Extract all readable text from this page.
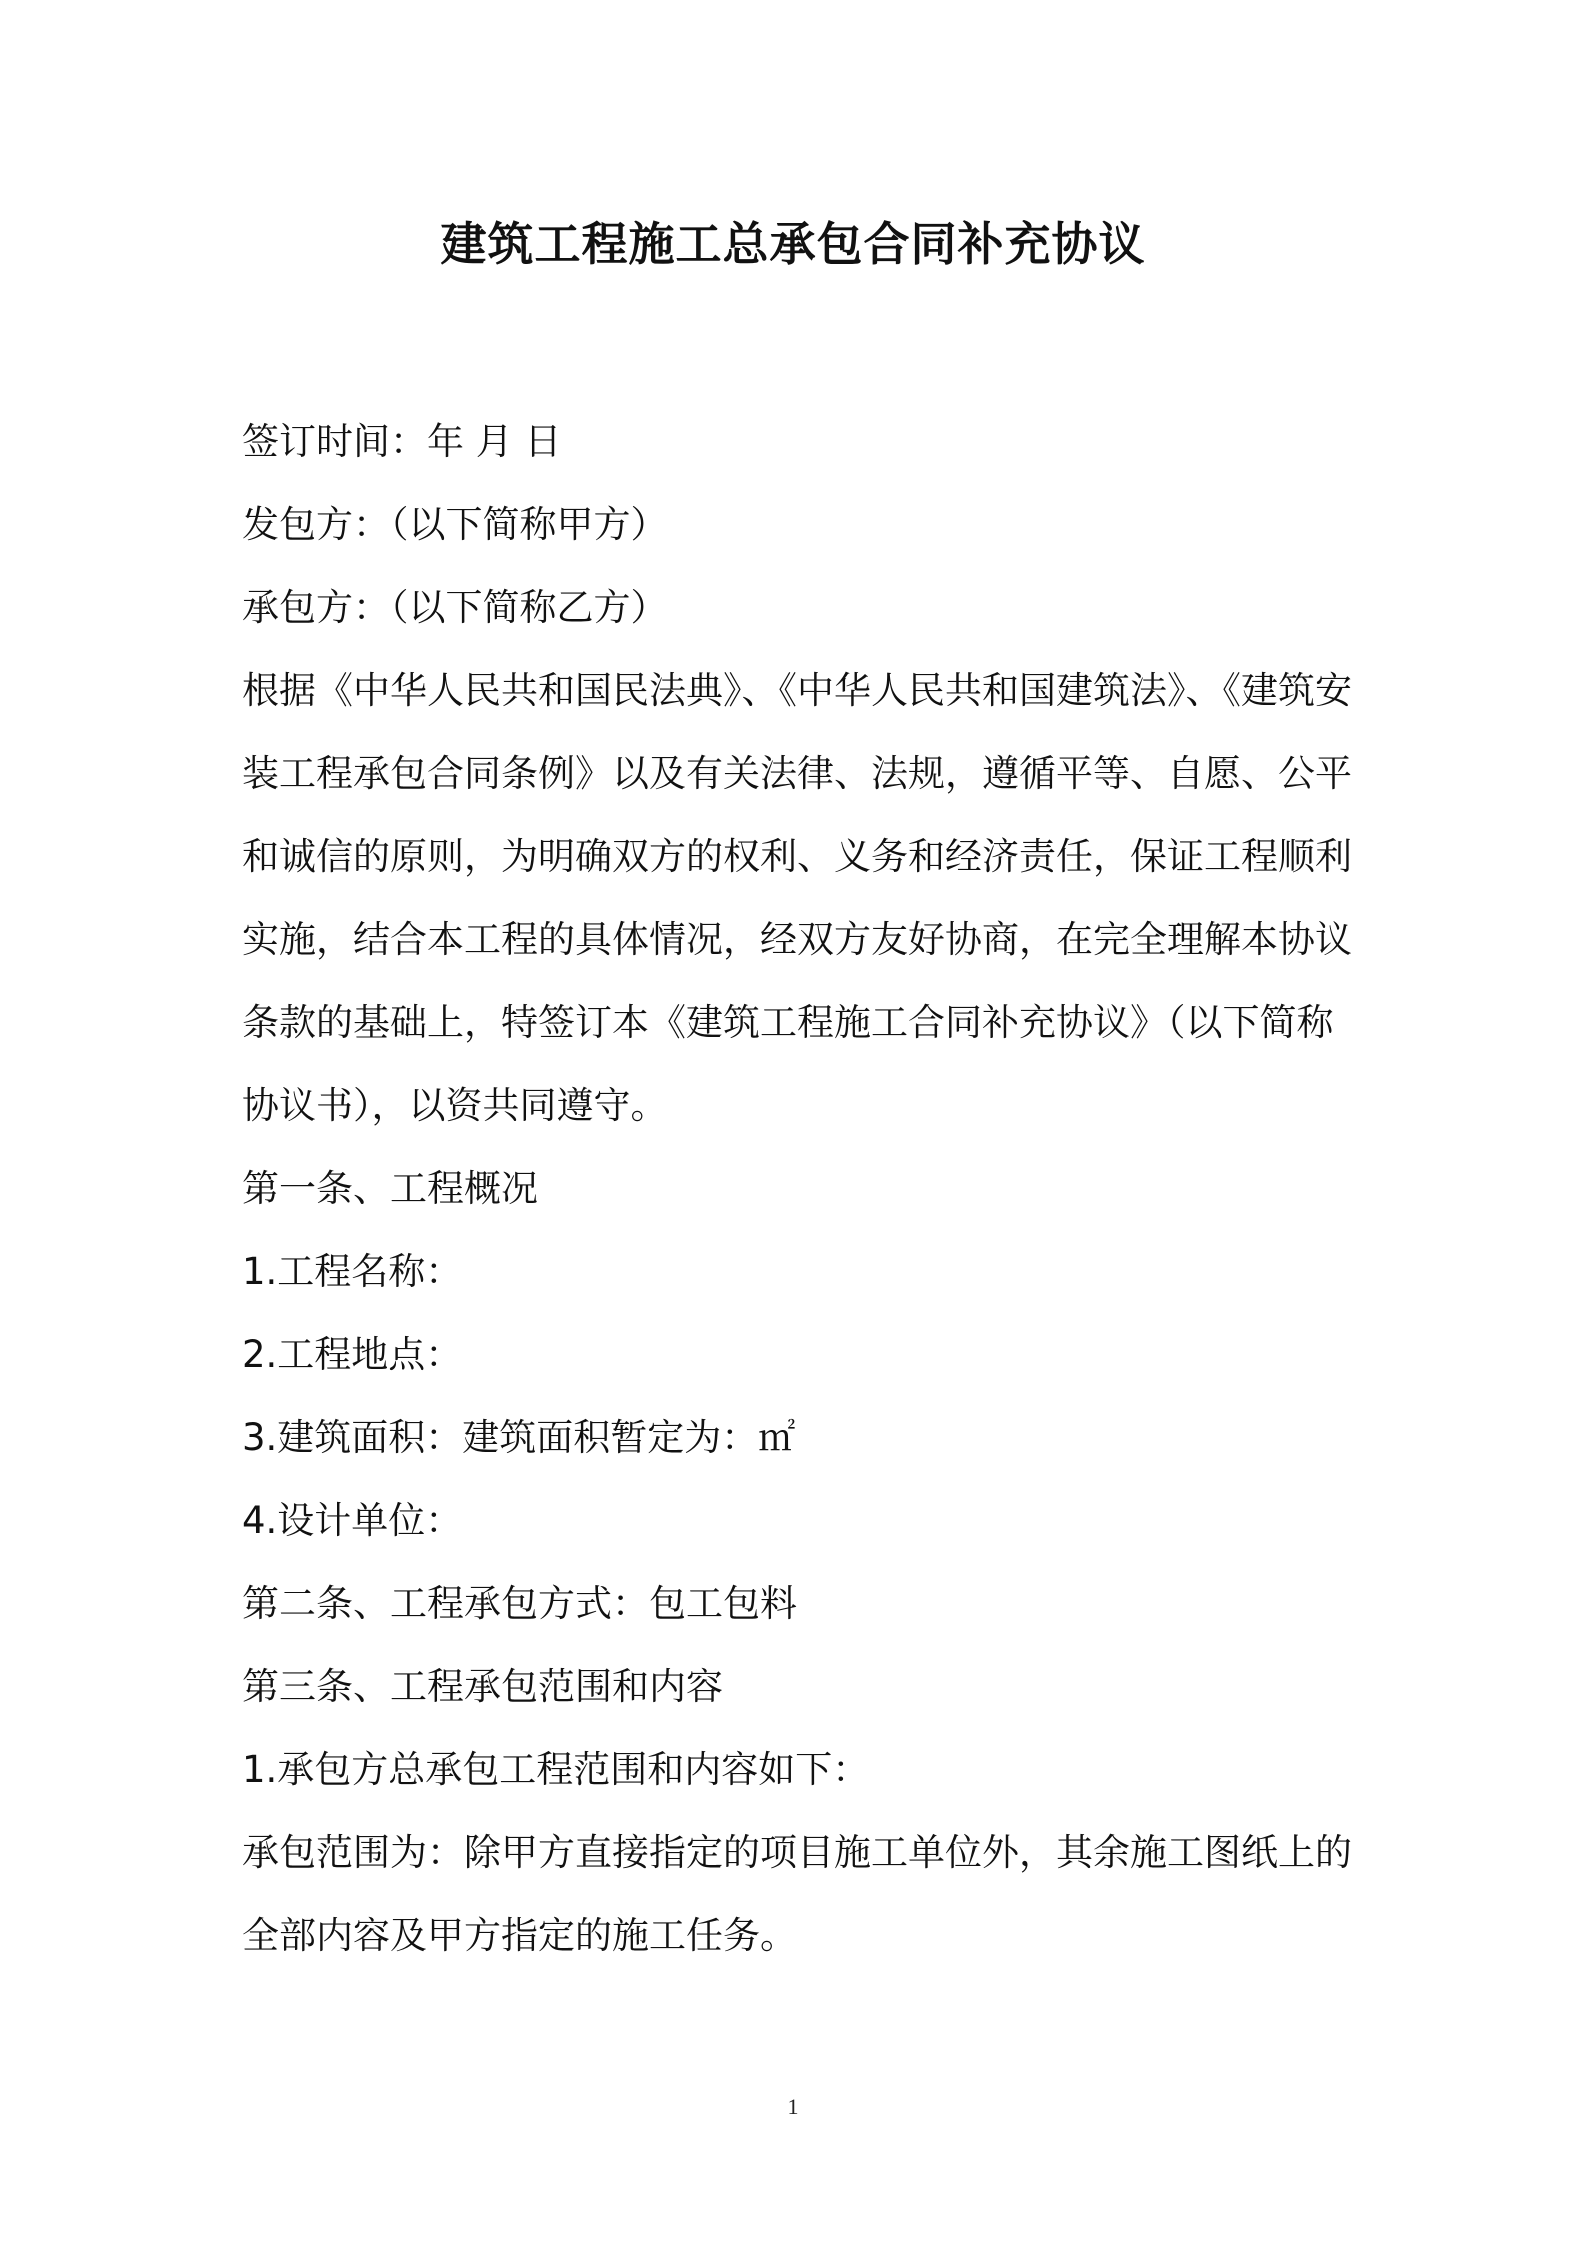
建筑工程施工总承包合同补充协议
签订时间：年 月 日
发包方：（以下简称甲方）
承包方：（以下简称乙方）
根据《中华人民共和国民法典》、《中华人民共和国建筑法》、《建筑安
装工程承包合同条例》以及有关法律、法规，遵循平等、自愿、公平
和诚信的原则，为明确双方的权利、义务和经济责任，保证工程顺利
实施，结合本工程的具体情况，经双方友好协商，在完全理解本协议
条款的基础上，特签订本《建筑工程施工合同补充协议》（以下简称
协议书），以资共同遵守。
第一条、工程概况
1.工程名称：
2.工程地点：
3.建筑面积：建筑面积暂定为：㎡
4.设计单位：
第二条、工程承包方式：包工包料
第三条、工程承包范围和内容
1.承包方总承包工程范围和内容如下：
承包范围为：除甲方直接指定的项目施工单位外，其余施工图纸上的
全部内容及甲方指定的施工任务。
1
